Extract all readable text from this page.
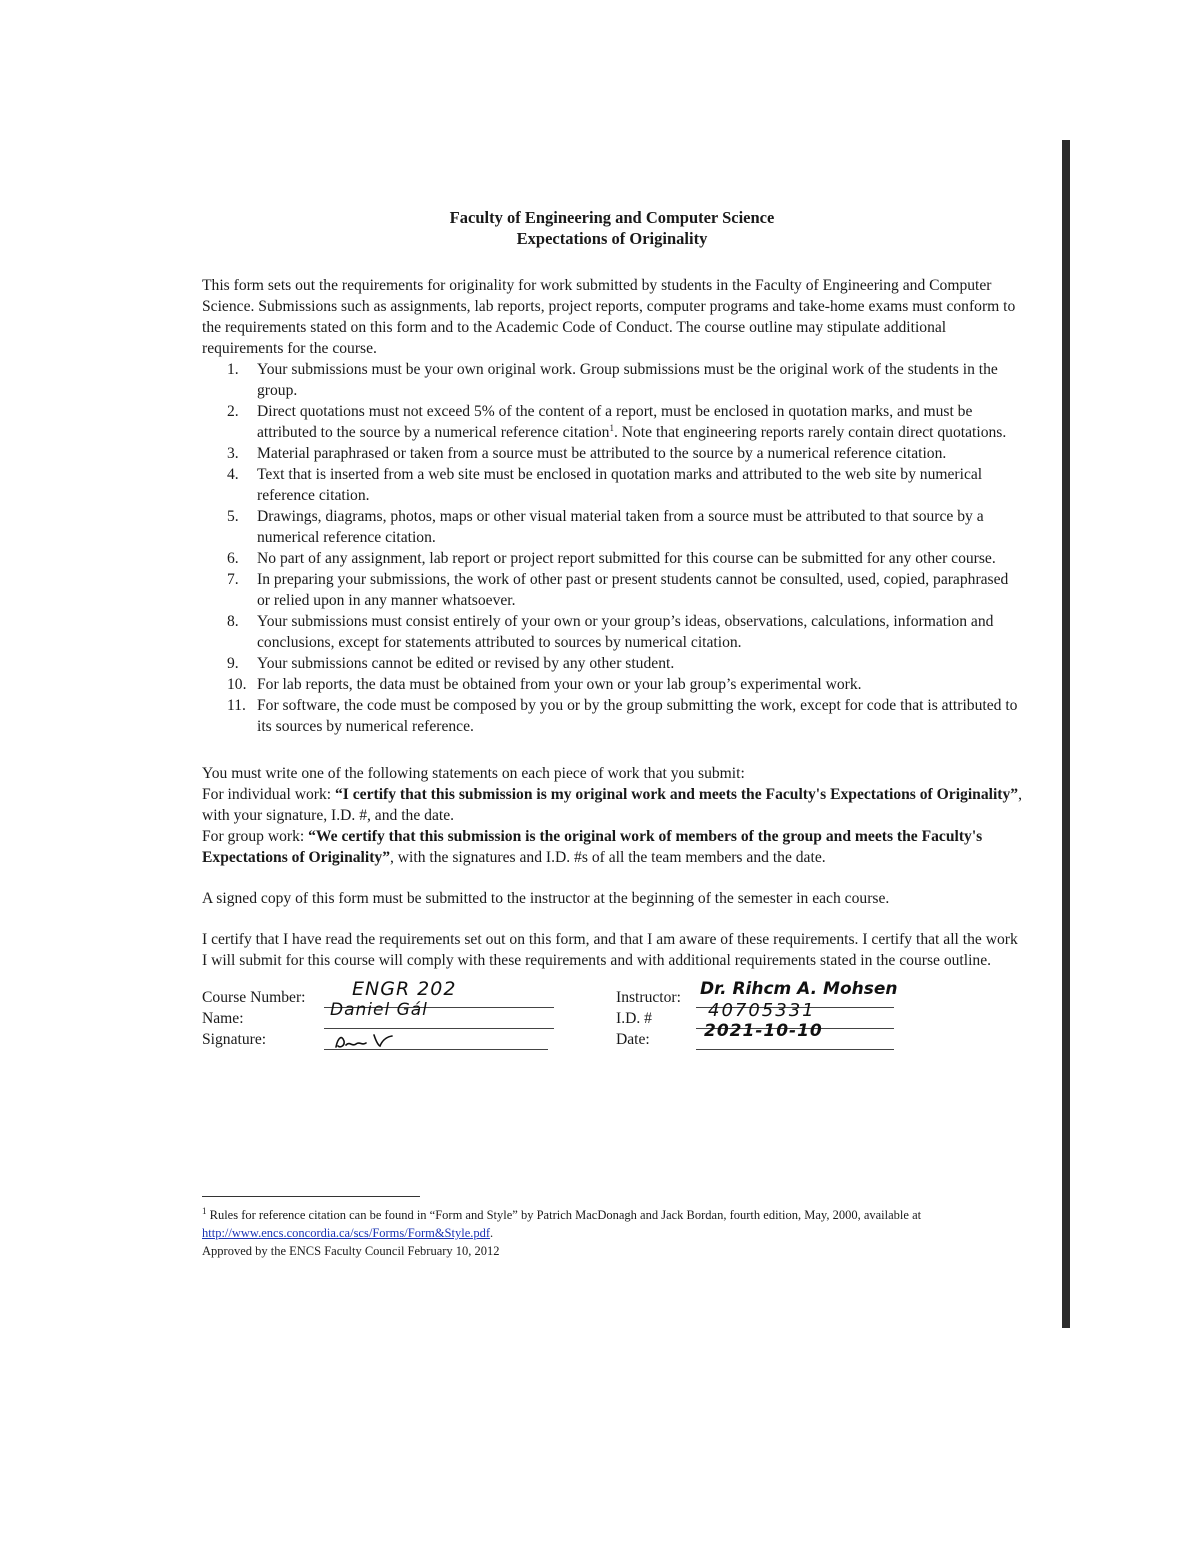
Faculty of Engineering and Computer Science
Expectations of Originality

This form sets out the requirements for originality for work submitted by students in the Faculty of Engineering and Computer Science. Submissions such as assignments, lab reports, project reports, computer programs and take-home exams must conform to the requirements stated on this form and to the Academic Code of Conduct. The course outline may stipulate additional requirements for the course.

1.	Your submissions must be your own original work. Group submissions must be the original work of the students in the group.
2.	Direct quotations must not exceed 5% of the content of a report, must be enclosed in quotation marks, and must be attributed to the source by a numerical reference citation$^1$. Note that engineering reports rarely contain direct quotations.
3.	Material paraphrased or taken from a source must be attributed to the source by a numerical reference citation.
4.	Text that is inserted from a web site must be enclosed in quotation marks and attributed to the web site by numerical reference citation.
5.	Drawings, diagrams, photos, maps or other visual material taken from a source must be attributed to that source by a numerical reference citation.
6.	No part of any assignment, lab report or project report submitted for this course can be submitted for any other course.
7.	In preparing your submissions, the work of other past or present students cannot be consulted, used, copied, paraphrased or relied upon in any manner whatsoever.
8.	Your submissions must consist entirely of your own or your group’s ideas, observations, calculations, information and conclusions, except for statements attributed to sources by numerical citation.
9.	Your submissions cannot be edited or revised by any other student.
10. For lab reports, the data must be obtained from your own or your lab group’s experimental work.
11. For software, the code must be composed by you or by the group submitting the work, except for code that is attributed to its sources by numerical reference.

You must write one of the following statements on each piece of work that you submit:

For individual work: “I certify that this submission is my original work and meets the Faculty's Expectations of Originality”, with your signature, I.D. #, and the date.

For group work: “We certify that this submission is the original work of members of the group and meets the Faculty's Expectations of Originality”, with the signatures and I.D. #s of all the team members and the date.

A signed copy of this form must be submitted to the instructor at the beginning of the semester in each course.

I certify that I have read the requirements set out on this form, and that I am aware of these requirements. I certify that all the work I will submit for this course will comply with these requirements and with additional requirements stated in the course outline.

Course Number: ENGR 202
Name:	Daniel Gál
Signature:
Instructor: Dr. Rihcm A. Mohsen
I.D. #	40705331
Date:	2021-10-10
$^1$ Rules for reference citation can be found in “Form and Style” by Patrich MacDonagh and Jack Bordan, fourth edition, May, 2000, available at http://www.encs.concordia.ca/scs/Forms/Form&Style.pdf.
Approved by the ENCS Faculty Council February 10, 2012
